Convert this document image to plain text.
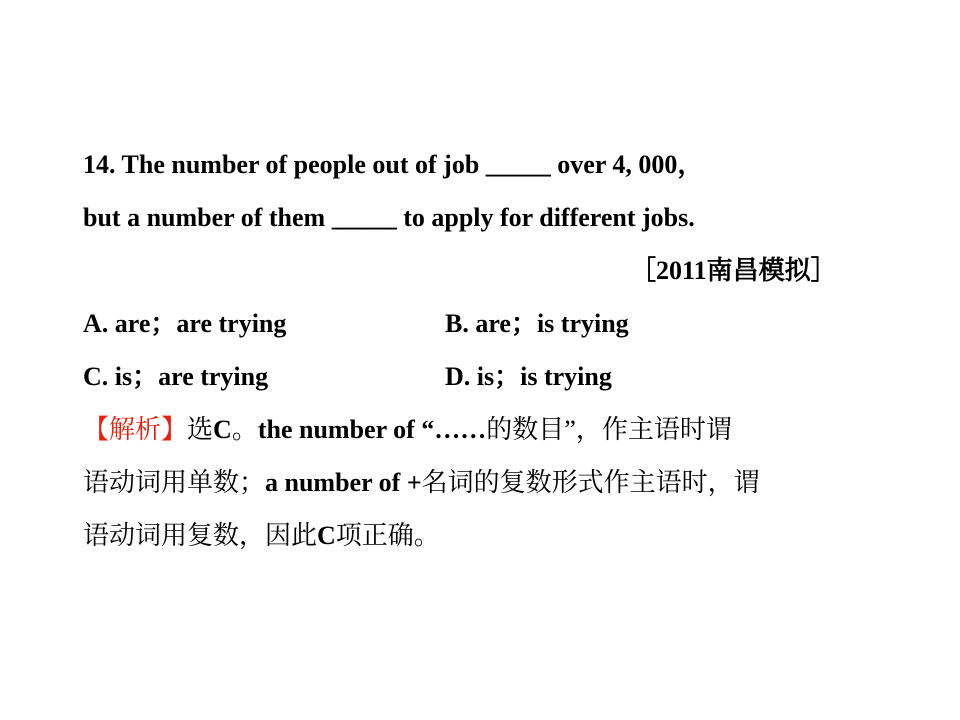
14. The number of people out of job _____ over 4, 000，
but a number of them _____ to apply for different jobs.
［2011南昌模拟］
A. are；are trying	B. are；is trying
C. is；are trying	D. is；is trying
【解析】选C。the number of “……的数目”，作主语时谓
语动词用单数；a number of +名词的复数形式作主语时，谓
语动词用复数，因此C项正确。
